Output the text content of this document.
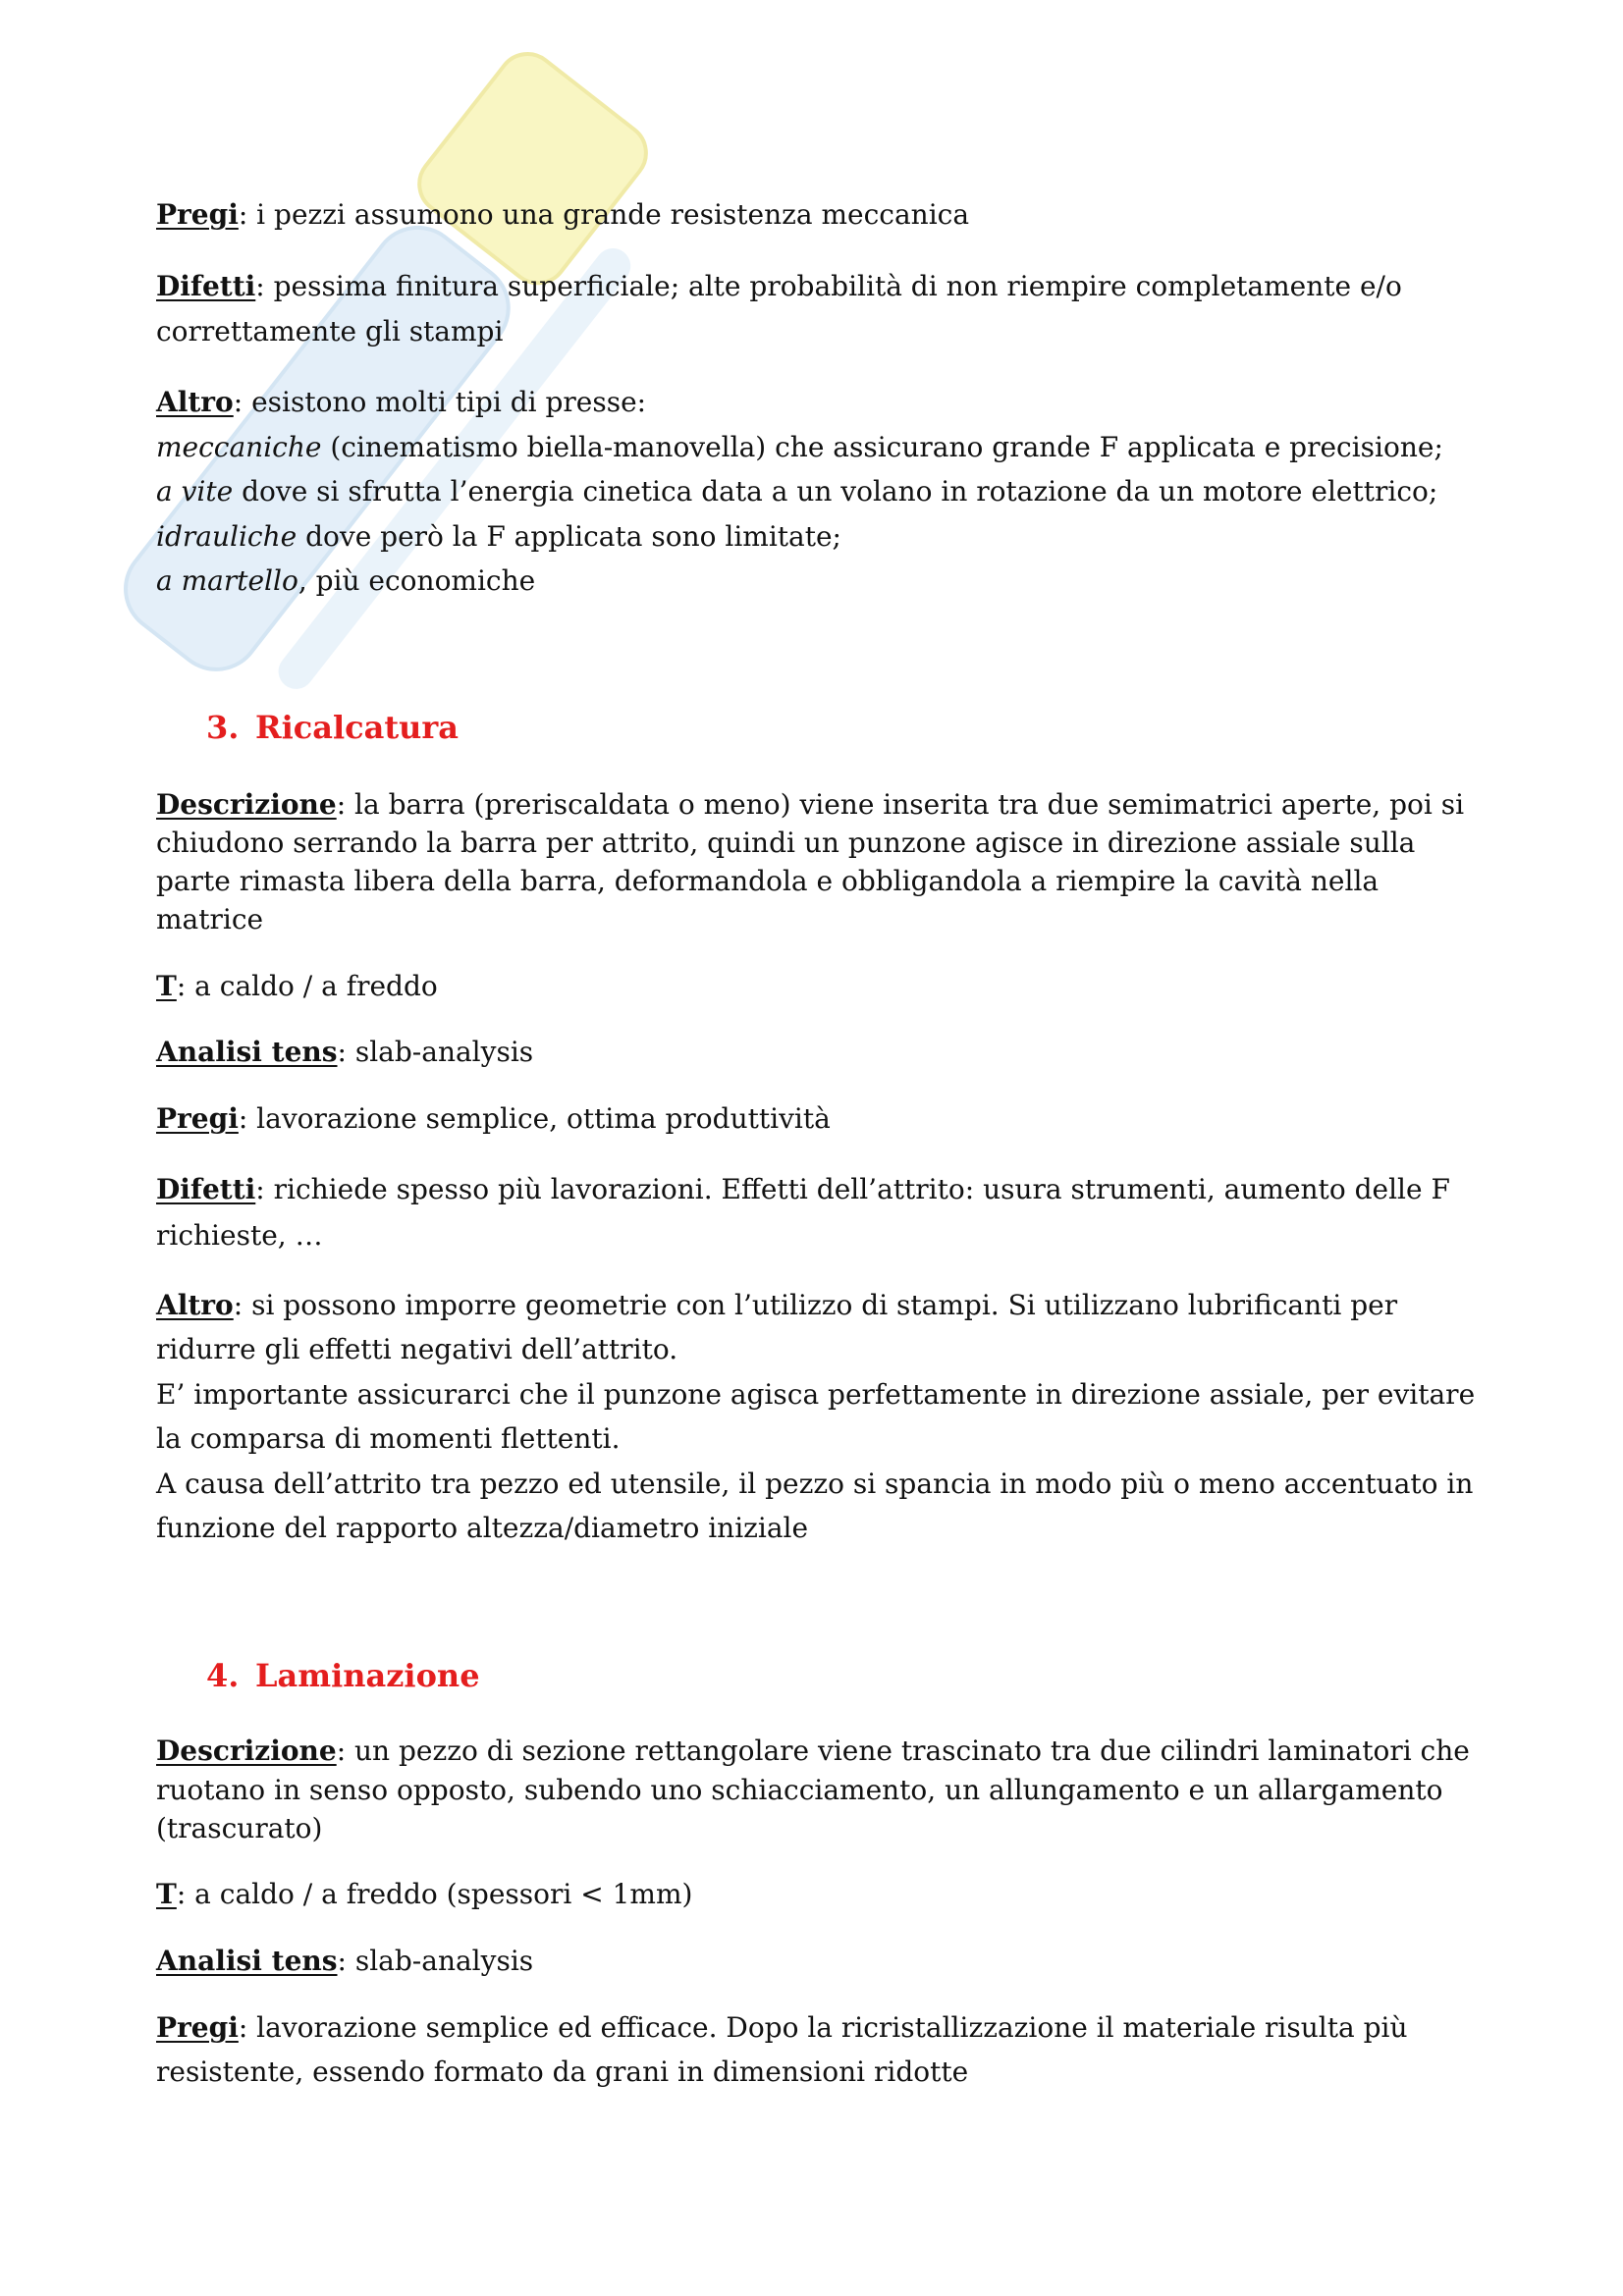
Pregi: i pezzi assumono una grande resistenza meccanica
Difetti: pessima finitura superficiale; alte probabilità di non riempire completamente e/o
correttamente gli stampi
Altro: esistono molti tipi di presse:
meccaniche (cinematismo biella-manovella) che assicurano grande F applicata e precisione;
a vite dove si sfrutta l’energia cinetica data a un volano in rotazione da un motore elettrico;
idrauliche dove però la F applicata sono limitate;
a martello, più economiche
3. Ricalcatura
Descrizione: la barra (preriscaldata o meno) viene inserita tra due semimatrici aperte, poi si
chiudono serrando la barra per attrito, quindi un punzone agisce in direzione assiale sulla
parte rimasta libera della barra, deformandola e obbligandola a riempire la cavità nella
matrice
T: a caldo / a freddo
Analisi tens: slab-analysis
Pregi: lavorazione semplice, ottima produttività
Difetti: richiede spesso più lavorazioni. Effetti dell’attrito: usura strumenti, aumento delle F
richieste, …
Altro: si possono imporre geometrie con l’utilizzo di stampi. Si utilizzano lubrificanti per
ridurre gli effetti negativi dell’attrito.
E’ importante assicurarci che il punzone agisca perfettamente in direzione assiale, per evitare
la comparsa di momenti flettenti.
A causa dell’attrito tra pezzo ed utensile, il pezzo si spancia in modo più o meno accentuato in
funzione del rapporto altezza/diametro iniziale
4. Laminazione
Descrizione: un pezzo di sezione rettangolare viene trascinato tra due cilindri laminatori che
ruotano in senso opposto, subendo uno schiacciamento, un allungamento e un allargamento
(trascurato)
T: a caldo / a freddo (spessori < 1mm)
Analisi tens: slab-analysis
Pregi: lavorazione semplice ed efficace. Dopo la ricristallizzazione il materiale risulta più
resistente, essendo formato da grani in dimensioni ridotte
